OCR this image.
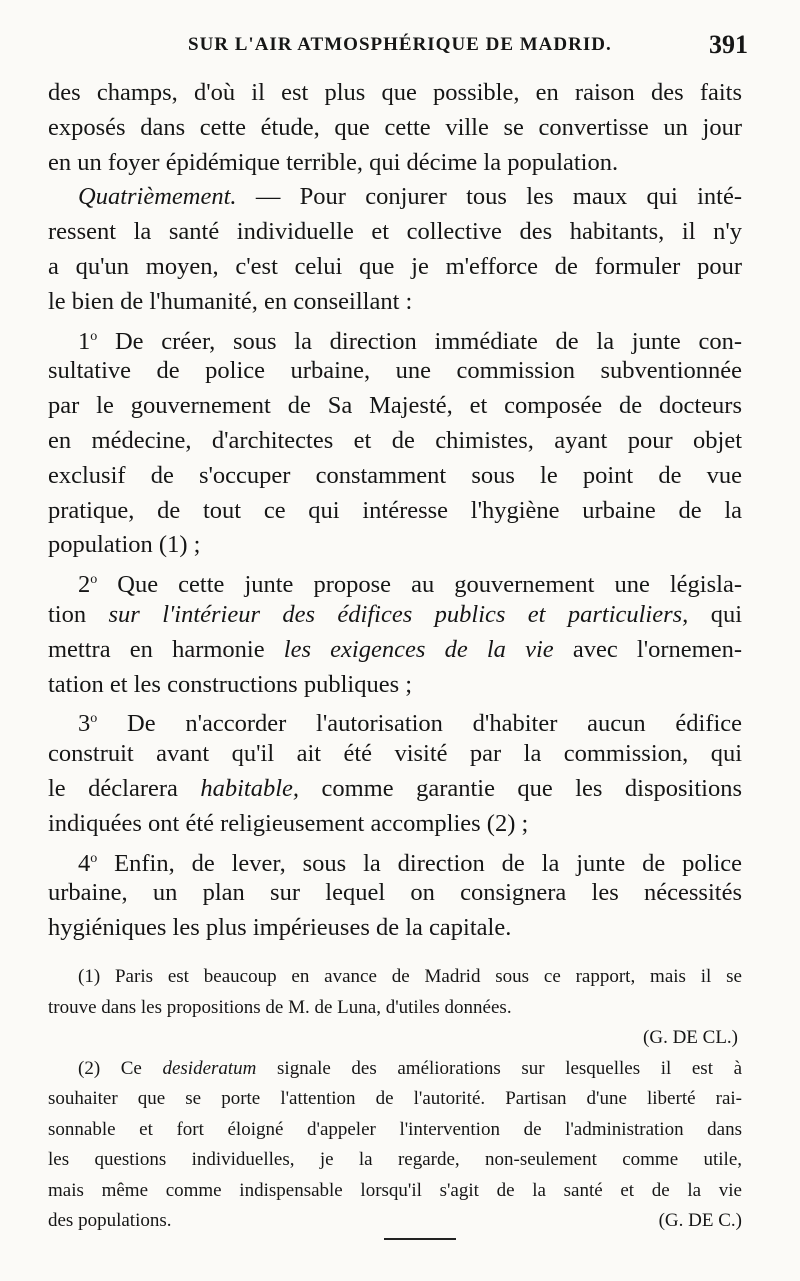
SUR L'AIR ATMOSPHÉRIQUE DE MADRID.	391
des champs, d'où il est plus que possible, en raison des faits
exposés dans cette étude, que cette ville se convertisse un jour
en un foyer épidémique terrible, qui décime la population.
Quatrièmement. — Pour conjurer tous les maux qui inté-
ressent la santé individuelle et collective des habitants, il n'y
a qu'un moyen, c'est celui que je m'efforce de formuler pour
le bien de l'humanité, en conseillant :
1$^o$ De créer, sous la direction immédiate de la junte con-
sultative de police urbaine, une commission subventionnée
par le gouvernement de Sa Majesté, et composée de docteurs
en médecine, d'architectes et de chimistes, ayant pour objet
exclusif de s'occuper constamment sous le point de vue
pratique, de tout ce qui intéresse l'hygiène urbaine de la
population (1) ;
2$^o$ Que cette junte propose au gouvernement une législa-
tion sur l'intérieur des édifices publics et particuliers, qui
mettra en harmonie les exigences de la vie avec l'ornemen-
tation et les constructions publiques ;
3$^o$ De n'accorder l'autorisation d'habiter aucun édifice
construit avant qu'il ait été visité par la commission, qui
le déclarera habitable, comme garantie que les dispositions
indiquées ont été religieusement accomplies (2) ;
4$^o$ Enfin, de lever, sous la direction de la junte de police
urbaine, un plan sur lequel on consignera les nécessités
hygiéniques les plus impérieuses de la capitale.
(1) Paris est beaucoup en avance de Madrid sous ce rapport, mais il se
trouve dans les propositions de M. de Luna, d'utiles données.
(G. DE CL.)
(2) Ce desideratum signale des améliorations sur lesquelles il est à
souhaiter que se porte l'attention de l'autorité. Partisan d'une liberté rai-
sonnable et fort éloigné d'appeler l'intervention de l'administration dans
les questions individuelles, je la regarde, non-seulement comme utile,
mais même comme indispensable lorsqu'il s'agit de la santé et de la vie
des populations.	(G. DE C.)
